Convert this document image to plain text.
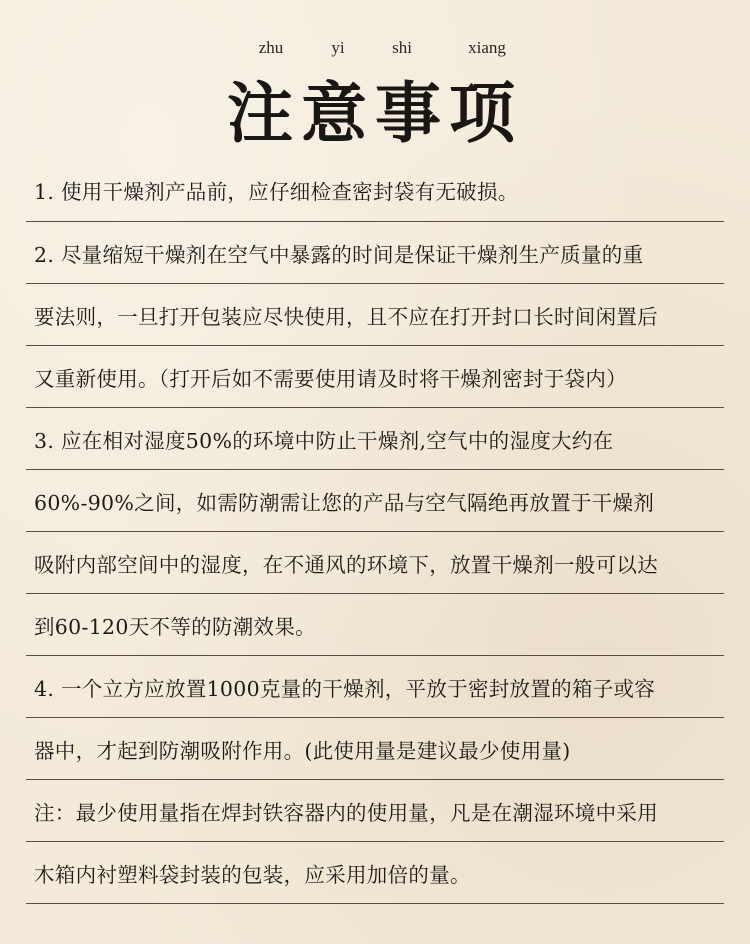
zhu	yi	shi	xiang
注意事项
1. 使用干燥剂产品前，应仔细检查密封袋有无破损。
2. 尽量缩短干燥剂在空气中暴露的时间是保证干燥剂生产质量的重
要法则，一旦打开包装应尽快使用，且不应在打开封口长时间闲置后
又重新使用。（打开后如不需要使用请及时将干燥剂密封于袋内）
3. 应在相对湿度50%的环境中防止干燥剂,空气中的湿度大约在
60%-90%之间，如需防潮需让您的产品与空气隔绝再放置于干燥剂
吸附内部空间中的湿度，在不通风的环境下，放置干燥剂一般可以达
到60-120天不等的防潮效果。
4. 一个立方应放置1000克量的干燥剂，平放于密封放置的箱子或容
器中，才起到防潮吸附作用。(此使用量是建议最少使用量)
注：最少使用量指在焊封铁容器内的使用量，凡是在潮湿环境中采用
木箱内衬塑料袋封装的包装，应采用加倍的量。
